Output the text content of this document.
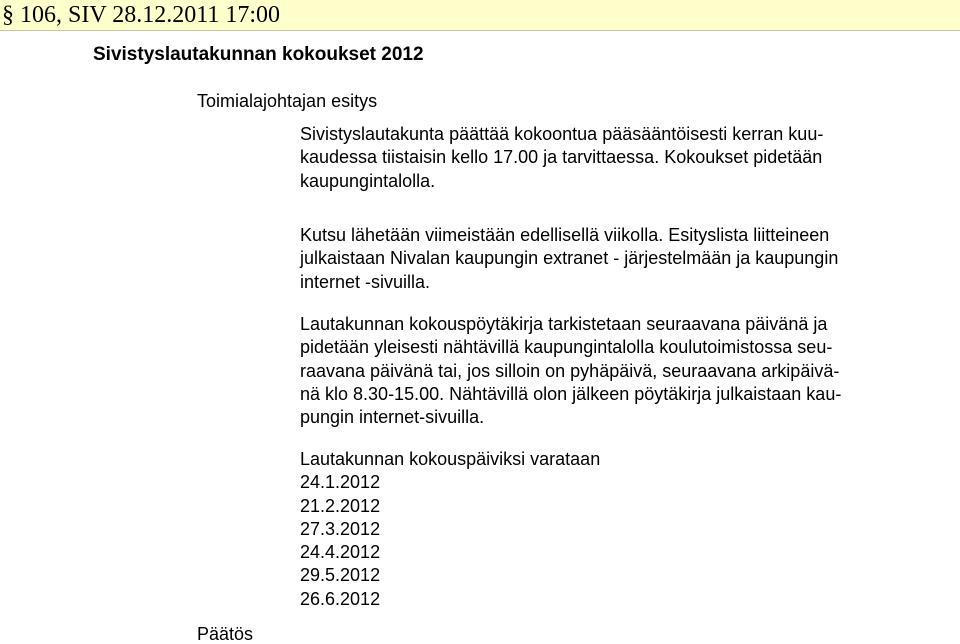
§ 106, SIV 28.12.2011 17:00
Sivistyslautakunnan kokoukset 2012
Toimialajohtajan esitys
Sivistyslautakunta päättää kokoontua pääsääntöisesti kerran kuu-
kaudessa tiistaisin kello 17.00 ja tarvittaessa. Kokoukset pidetään
kaupungintalolla.
Kutsu lähetään viimeistään edellisellä viikolla. Esityslista liitteineen
julkaistaan Nivalan kaupungin extranet - järjestelmään ja kaupungin
internet -sivuilla.
Lautakunnan kokouspöytäkirja tarkistetaan seuraavana päivänä ja
pidetään yleisesti nähtävillä kaupungintalolla koulutoimistossa seu-
raavana päivänä tai, jos silloin on pyhäpäivä, seuraavana arkipäivä-
nä klo 8.30-15.00. Nähtävillä olon jälkeen pöytäkirja julkaistaan kau-
pungin internet-sivuilla.
Lautakunnan kokouspäiviksi varataan
24.1.2012
21.2.2012
27.3.2012
24.4.2012
29.5.2012
26.6.2012
Päätös
